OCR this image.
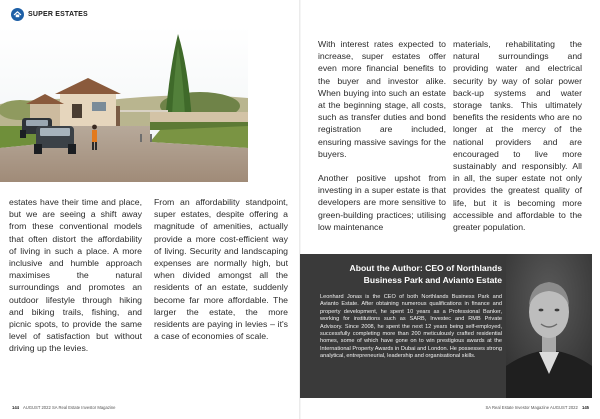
SUPER ESTATES

estates have their time and place, but we are seeing a shift away from these conventional models that often distort the affordability of living in such a place. A more inclusive and humble approach maximises the natural surroundings and promotes an outdoor lifestyle through hiking and biking trails, fishing, and picnic spots, to provide the same level of satisfaction but without driving up the levies.

From an affordability standpoint, super estates, despite offering a magnitude of amenities, actually provide a more cost-efficient way of living. Security and landscaping expenses are normally high, but when divided amongst all the residents of an estate, suddenly become far more affordable. The larger the estate, the more residents are paying in levies – it's a case of economies of scale.

144 AUGUST 2022 SA Real Estate Investor Magazine

With interest rates expected to increase, super estates offer even more financial benefits to the buyer and investor alike. When buying into such an estate at the beginning stage, all costs, such as transfer duties and bond registration are included, ensuring massive savings for the buyers.

Another positive upshot from investing in a super estate is that developers are more sensitive to green-building practices; utilising low maintenance

materials, rehabilitating the natural surroundings and providing water and electrical security by way of solar power back-up systems and water storage tanks. This ultimately benefits the residents who are no longer at the mercy of the national providers and are encouraged to live more sustainably and responsibly. All in all, the super estate not only provides the greatest quality of life, but it is becoming more accessible and affordable to the greater population.

SA Real Estate Investor Magazine AUGUST 2022 145
About the Author: CEO of Northlands
Business Park and Avianto Estate
Leonhard Jonas is the CEO of both Northlands Business Park and Avianto Estate. After obtaining numerous qualifications in finance and property development, he spent 10 years as a Professional Banker, working for institutions such as SARB, Investec and RMB Private Advisory. Since 2008, he spent the next 12 years being self-employed, successfully completing more than 200 meticulously crafted residential homes, some of which have gone on to win prestigious awards at the International Property Awards in Dubai and London. He possesses strong analytical, entrepreneurial, leadership and organisational skills.
